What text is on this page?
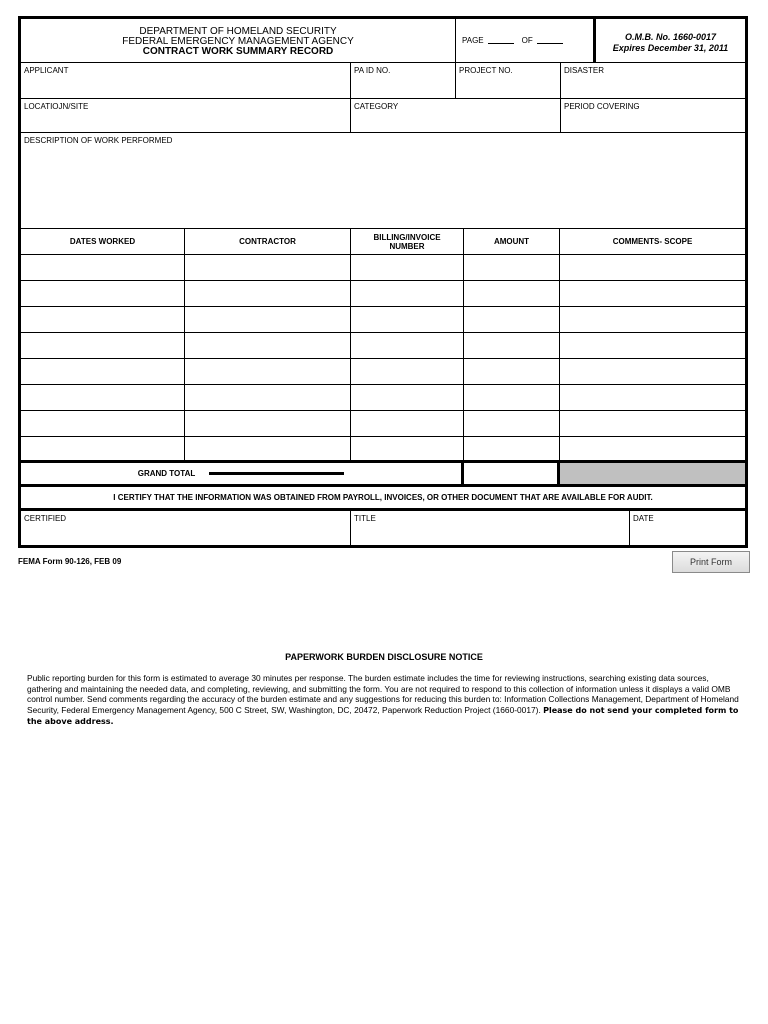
DEPARTMENT OF HOMELAND SECURITY
FEDERAL EMERGENCY MANAGEMENT AGENCY
CONTRACT WORK SUMMARY RECORD
PAGE	OF	O.M.B. No. 1660-0017
Expires December 31, 2011
APPLICANT	PA ID NO.	PROJECT NO.	DISASTER
LOCATIOJN/SITE	CATEGORY	PERIOD COVERING
DESCRIPTION OF WORK PERFORMED
DATES WORKED	CONTRACTOR	BILLING/INVOICE NUMBER	AMOUNT	COMMENTS- SCOPE
GRAND TOTAL
I CERTIFY THAT THE INFORMATION WAS OBTAINED FROM PAYROLL, INVOICES, OR OTHER DOCUMENT THAT ARE AVAILABLE FOR AUDIT.
CERTIFIED	TITLE	DATE
FEMA Form 90-126, FEB 09	Print Form
PAPERWORK BURDEN DISCLOSURE NOTICE
Public reporting burden for this form is estimated to average 30 minutes per response. The burden estimate includes the time for reviewing instructions, searching existing data sources, gathering and maintaining the needed data, and completing, reviewing, and submitting the form. You are not required to respond to this collection of information unless it displays a valid OMB control number. Send comments regarding the accuracy of the burden estimate and any suggestions for reducing this burden to: Information Collections Management, Department of Homeland Security, Federal Emergency Management Agency, 500 C Street, SW, Washington, DC, 20472, Paperwork Reduction Project (1660-0017). Please do not send your completed form to the above address.
